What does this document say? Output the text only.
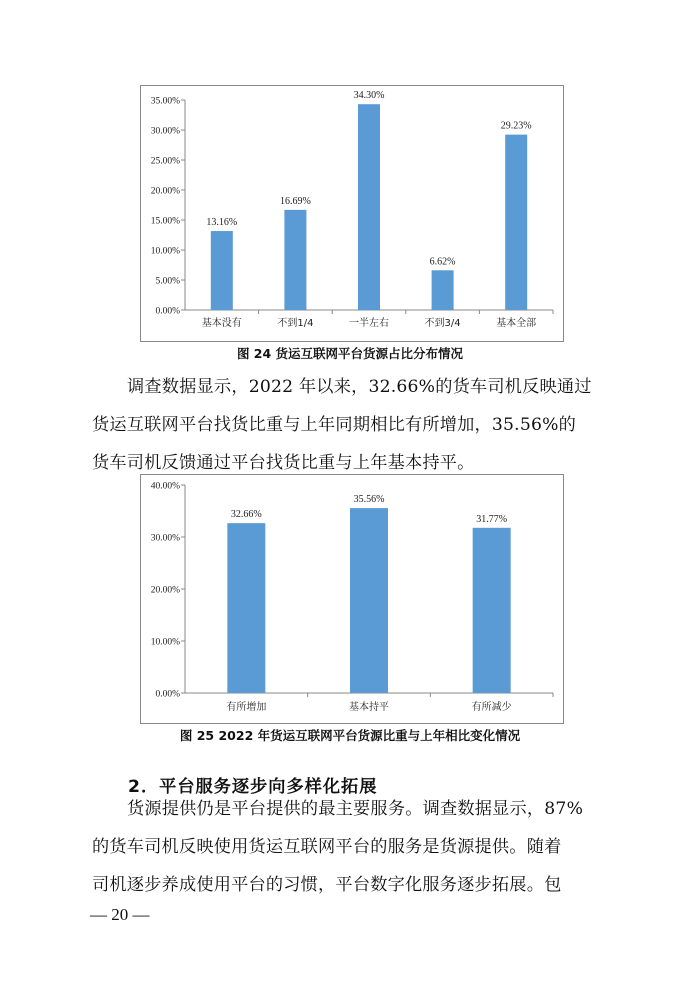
0.00%
5.00%
10.00%
15.00%
20.00%
25.00%
30.00%
35.00%
13.16%
基本没有
16.69%
不到1/4
34.30%
一半左右
6.62%
不到3/4
29.23%
基本全部
图 24 货运互联网平台货源占比分布情况
调查数据显示，2022 年以来，32.66%的货车司机反映通过
货运互联网平台找货比重与上年同期相比有所增加，35.56%的
货车司机反馈通过平台找货比重与上年基本持平。
0.00%
10.00%
20.00%
30.00%
40.00%
32.66%
有所增加
35.56%
基本持平
31.77%
有所减少
图 25 2022 年货运互联网平台货源比重与上年相比变化情况
2．平台服务逐步向多样化拓展
货源提供仍是平台提供的最主要服务。调查数据显示，87%
的货车司机反映使用货运互联网平台的服务是货源提供。随着
司机逐步养成使用平台的习惯，平台数字化服务逐步拓展。包
— 20 —
